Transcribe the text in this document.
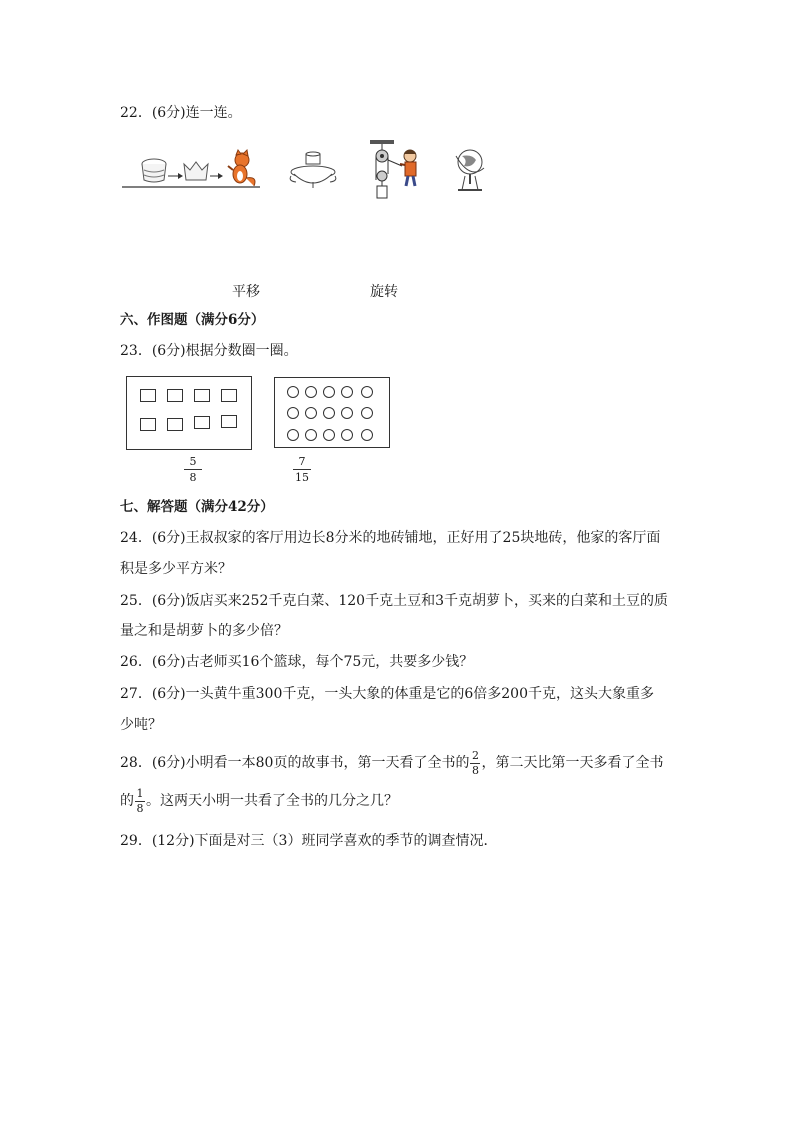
22．(6分)连一连。
平移	旋转
六、作图题（满分6分）
23．(6分)根据分数圈一圈。
5
8
7
15
七、解答题（满分42分）
24．(6分)王叔叔家的客厅用边长8分米的地砖铺地，正好用了25块地砖，他家的客厅面
积是多少平方米？
25．(6分)饭店买来252千克白菜、120千克土豆和3千克胡萝卜，买来的白菜和土豆的质
量之和是胡萝卜的多少倍？
26．(6分)古老师买16个篮球，每个75元，共要多少钱？
27．(6分)一头黄牛重300千克，一头大象的体重是它的6倍多200千克，这头大象重多
少吨？
28．(6分)小明看一本80页的故事书，第一天看了全书的$\frac{2}{8}$，第二天比第一天多看了全书
的$\frac{1}{8}$。这两天小明一共看了全书的几分之几？
29．(12分)下面是对三（3）班同学喜欢的季节的调查情况．
